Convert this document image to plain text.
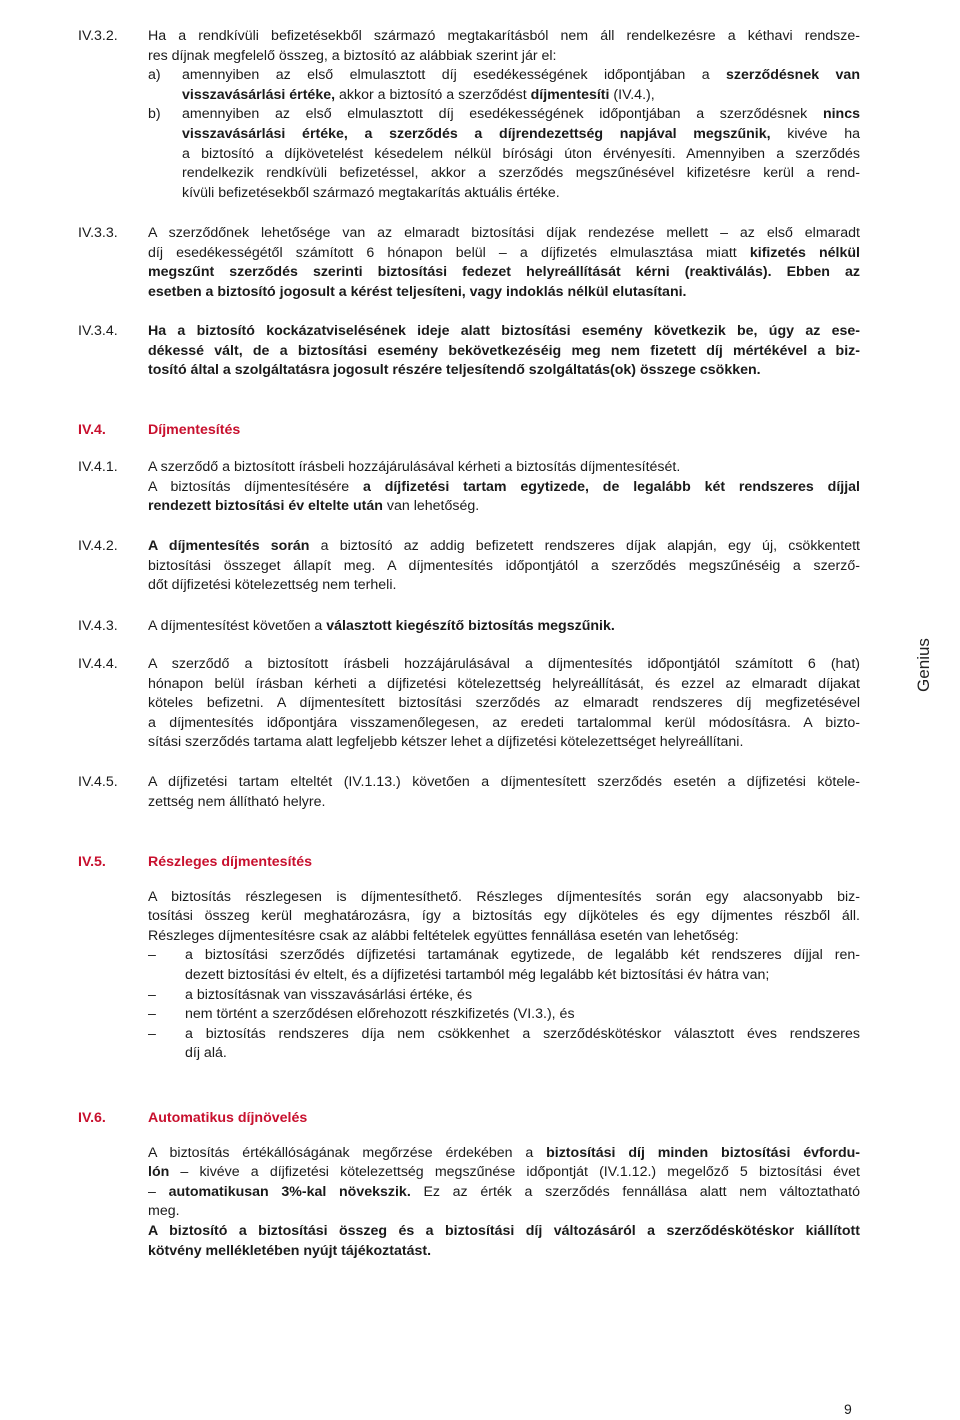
IV.3.2.	Ha a rendkívüli befizetésekből származó megtakarításból nem áll rendelkezésre a kéthavi rendsze-
res díjnak megfelelő összeg, a biztosító az alábbiak szerint jár el:
a) amennyiben az első elmulasztott díj esedékességének időpontjában a szerződésnek van
visszavásárlási értéke, akkor a biztosító a szerződést díjmentesíti (IV.4.),
b) amennyiben az első elmulasztott díj esedékességének időpontjában a szerződésnek nincs
visszavásárlási értéke, a szerződés a díjrendezettség napjával megszűnik, kivéve ha
a biztosító a díjkövetelést késedelem nélkül bírósági úton érvényesíti. Amennyiben a szerződés
rendelkezik rendkívüli befizetéssel, akkor a szerződés megszűnésével kifizetésre kerül a rend-
kívüli befizetésekből származó megtakarítás aktuális értéke.
IV.3.3.	A szerződőnek lehetősége van az elmaradt biztosítási díjak rendezése mellett – az első elmaradt
díj esedékességétől számított 6 hónapon belül – a díjfizetés elmulasztása miatt kifizetés nélkül
megszűnt szerződés szerinti biztosítási fedezet helyreállítását kérni (reaktiválás). Ebben az
esetben a biztosító jogosult a kérést teljesíteni, vagy indoklás nélkül elutasítani.
IV.3.4.	Ha a biztosító kockázatviselésének ideje alatt biztosítási esemény következik be, úgy az ese-
dékessé vált, de a biztosítási esemény bekövetkezéséig meg nem fizetett díj mértékével a biz-
tosító által a szolgáltatásra jogosult részére teljesítendő szolgáltatás(ok) összege csökken.
IV.4.	Díjmentesítés
IV.4.1.	A szerződő a biztosított írásbeli hozzájárulásával kérheti a biztosítás díjmentesítését.
A biztosítás díjmentesítésére a díjfizetési tartam egytizede, de legalább két rendszeres díjjal
rendezett biztosítási év eltelte után van lehetőség.
IV.4.2.	A díjmentesítés során a biztosító az addig befizetett rendszeres díjak alapján, egy új, csökkentett
biztosítási összeget állapít meg. A díjmentesítés időpontjától a szerződés megszűnéséig a szerző-
dőt díjfizetési kötelezettség nem terheli.
IV.4.3.	A díjmentesítést követően a választott kiegészítő biztosítás megszűnik.
IV.4.4.	A szerződő a biztosított írásbeli hozzájárulásával a díjmentesítés időpontjától számított 6 (hat)
hónapon belül írásban kérheti a díjfizetési kötelezettség helyreállítását, és ezzel az elmaradt díjakat
köteles befizetni. A díjmentesített biztosítási szerződés az elmaradt rendszeres díj megfizetésével
a díjmentesítés időpontjára visszamenőlegesen, az eredeti tartalommal kerül módosításra. A bizto-
sítási szerződés tartama alatt legfeljebb kétszer lehet a díjfizetési kötelezettséget helyreállítani.
IV.4.5.	A díjfizetési tartam elteltét (IV.1.13.) követően a díjmentesített szerződés esetén a díjfizetési kötele-
zettség nem állítható helyre.
IV.5.	Részleges díjmentesítés
A biztosítás részlegesen is díjmentesíthető. Részleges díjmentesítés során egy alacsonyabb biz-
tosítási összeg kerül meghatározásra, így a biztosítás egy díjköteles és egy díjmentes részből áll.
Részleges díjmentesítésre csak az alábbi feltételek együttes fennállása esetén van lehetőség:
– a biztosítási szerződés díjfizetési tartamának egytizede, de legalább két rendszeres díjjal ren-
dezett biztosítási év eltelt, és a díjfizetési tartamból még legalább két biztosítási év hátra van;
– a biztosításnak van visszavásárlási értéke, és
– nem történt a szerződésen előrehozott részkifizetés (VI.3.), és
– a biztosítás rendszeres díja nem csökkenhet a szerződéskötéskor választott éves rendszeres
díj alá.
IV.6.	Automatikus díjnövelés
A biztosítás értékállóságának megőrzése érdekében a biztosítási díj minden biztosítási évfordu-
lón – kivéve a díjfizetési kötelezettség megszűnése időpontját (IV.1.12.) megelőző 5 biztosítási évet
– automatikusan 3%-kal növekszik. Ez az érték a szerződés fennállása alatt nem változtatható
meg.
A biztosító a biztosítási összeg és a biztosítási díj változásáról a szerződéskötéskor kiállított
kötvény mellékletében nyújt tájékoztatást.
Genius
9
